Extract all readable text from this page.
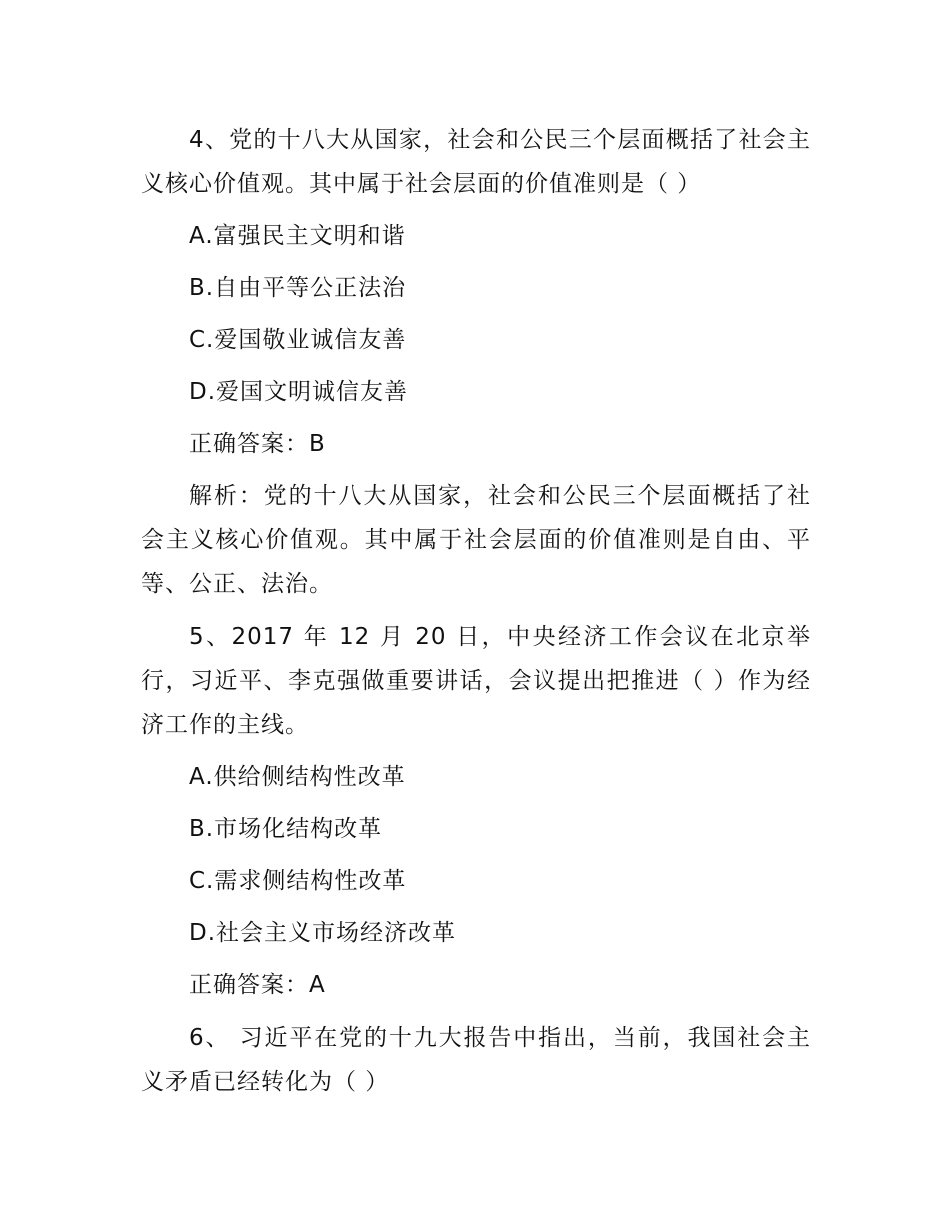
4、党的十八大从国家，社会和公民三个层面概括了社会主义核心价值观。其中属于社会层面的价值准则是（ ）

A.富强民主文明和谐

B.自由平等公正法治

C.爱国敬业诚信友善

D.爱国文明诚信友善

正确答案：B

解析：党的十八大从国家，社会和公民三个层面概括了社会主义核心价值观。其中属于社会层面的价值准则是自由、平等、公正、法治。

5、2017 年 12 月 20 日，中央经济工作会议在北京举行，习近平、李克强做重要讲话，会议提出把推进（ ）作为经济工作的主线。

A.供给侧结构性改革

B.市场化结构改革

C.需求侧结构性改革

D.社会主义市场经济改革

正确答案：A

6、 习近平在党的十九大报告中指出，当前，我国社会主义矛盾已经转化为（ ）
